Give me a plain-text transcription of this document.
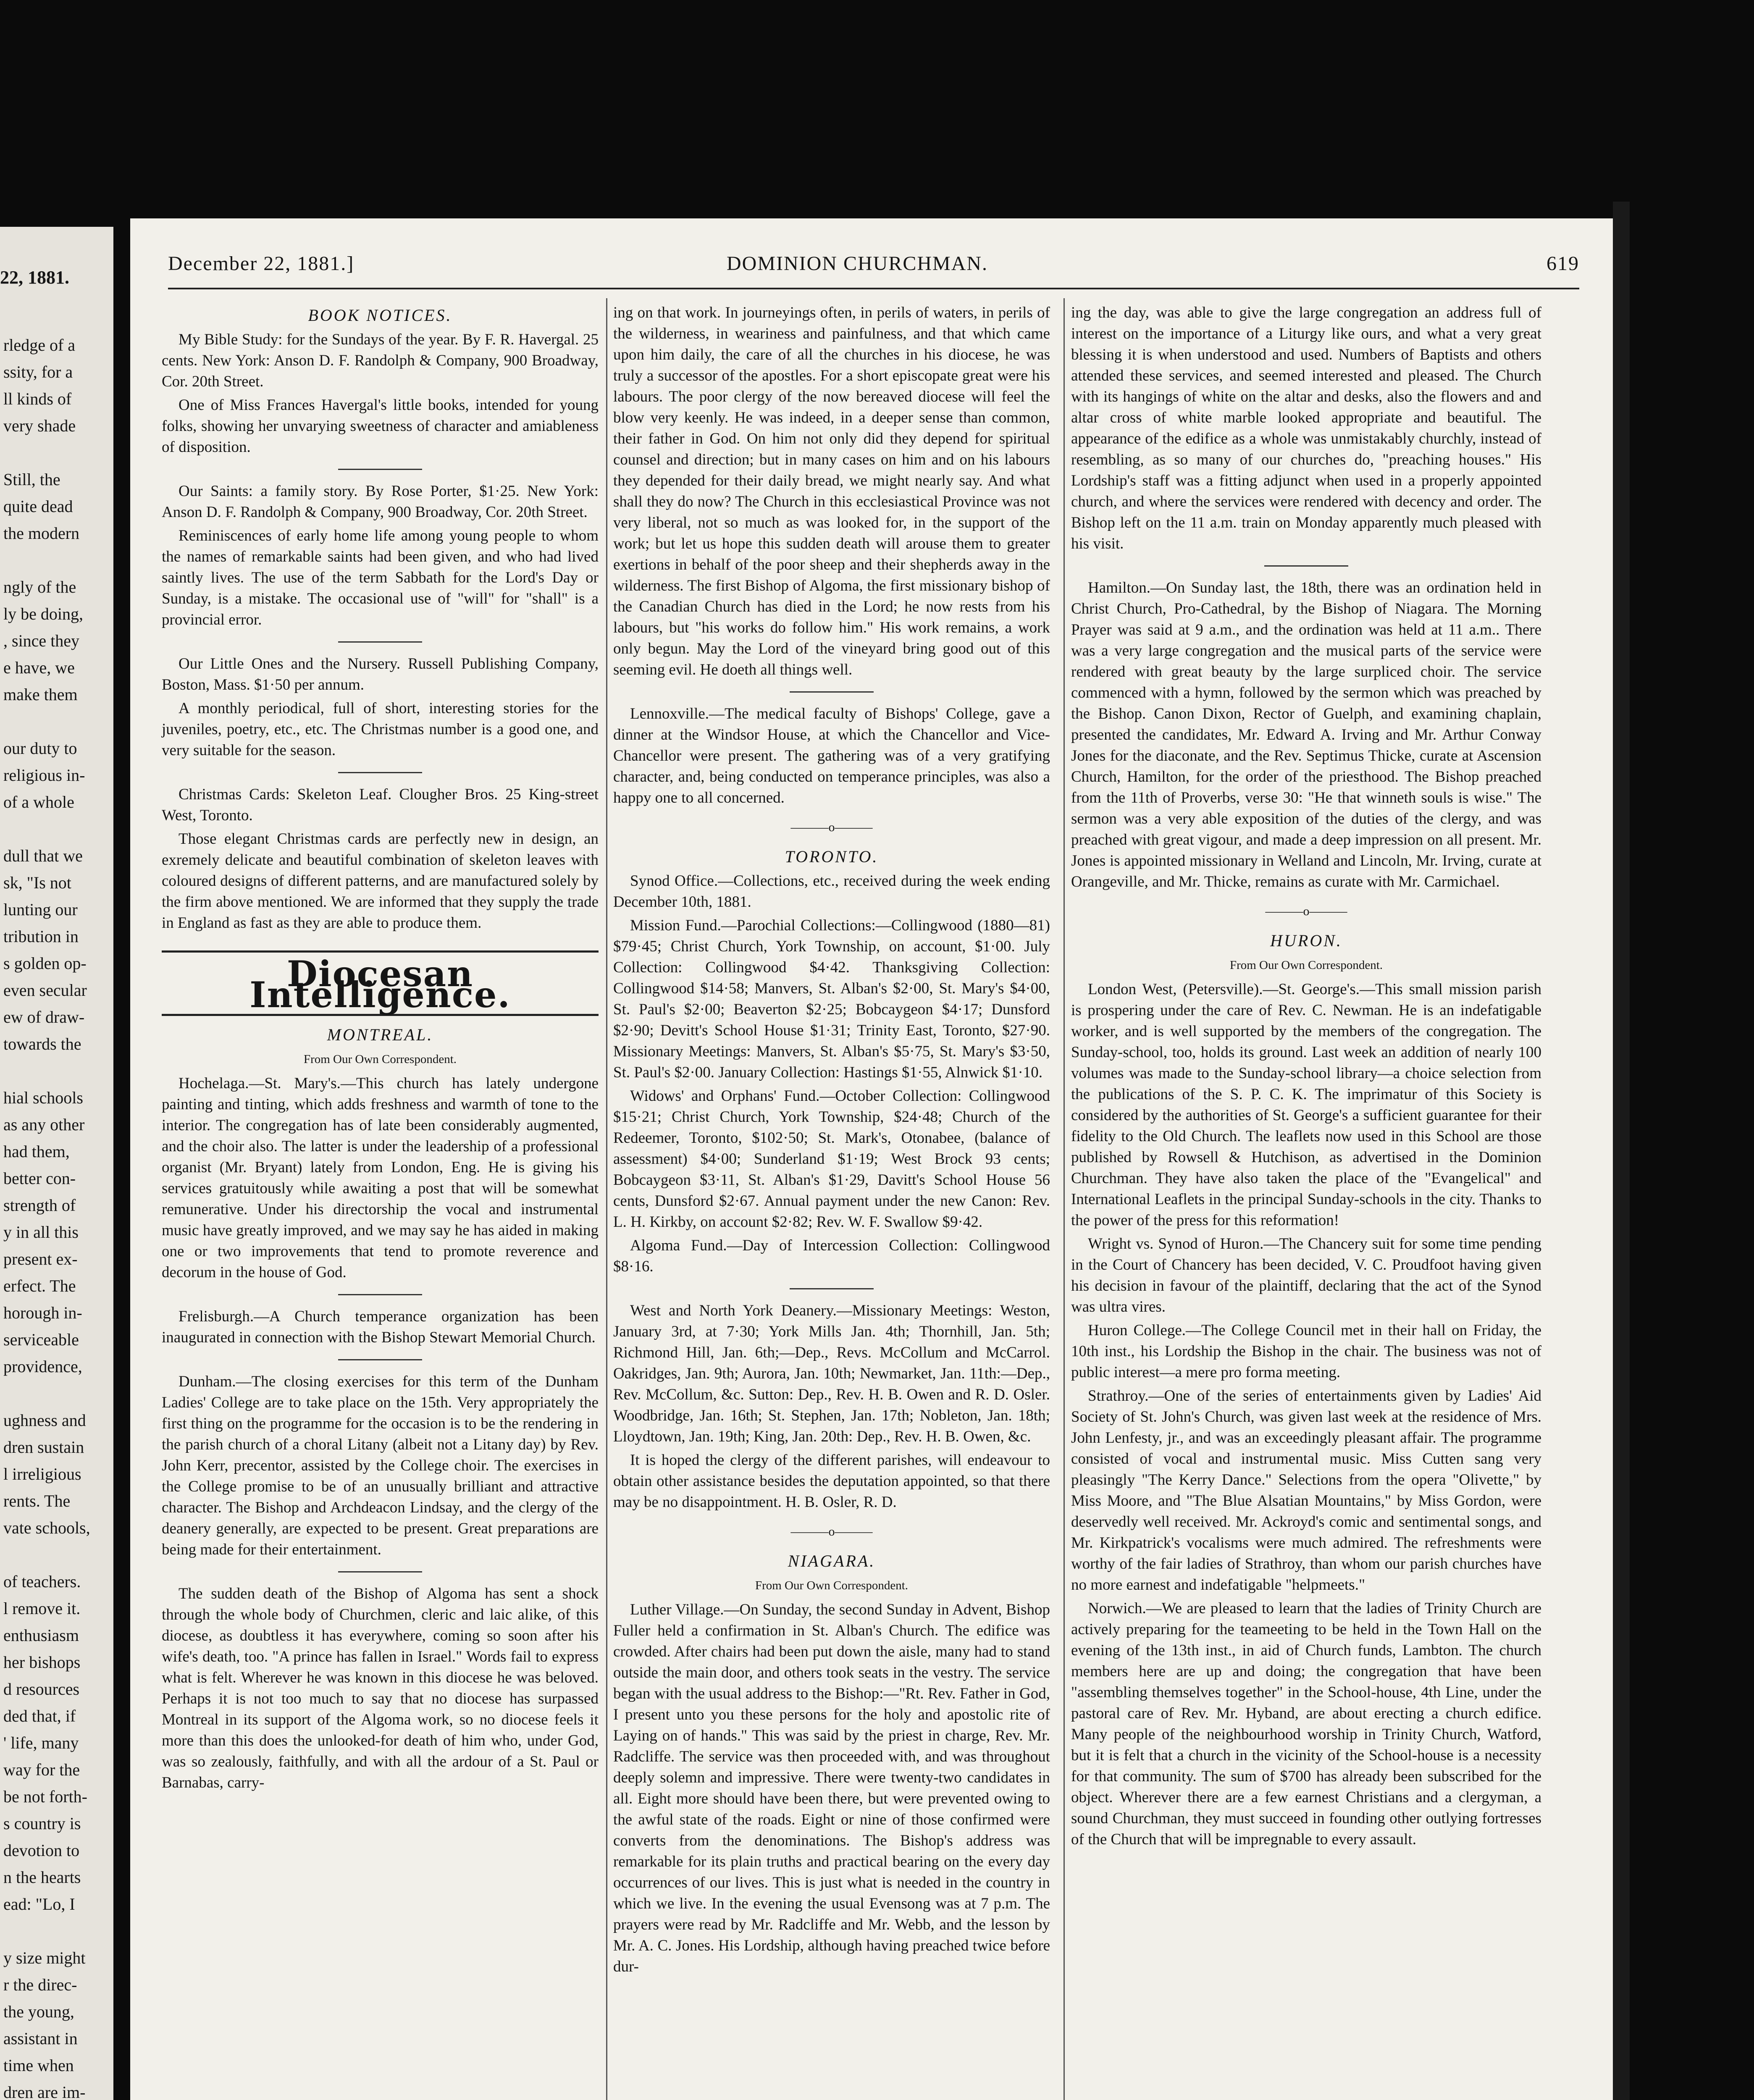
22, 1881.
rledge of a
ssity, for a
ll kinds of
very shade

Still, the
quite dead
the modern

ngly of the
ly be doing,
, since they
e have, we
make them

our duty to
religious in-
of a whole

dull that we
sk, "Is not
lunting our
tribution in
s golden op-
even secular
ew of draw-
towards the

hial schools
as any other
had them,
better con-
strength of
y in all this
present ex-
erfect. The
horough in-
serviceable
providence,

ughness and
dren sustain
l irreligious
rents. The
vate schools,

of teachers.
l remove it.
enthusiasm
her bishops
d resources
ded that, if
' life, many
way for the
be not forth-
s country is
devotion to
n the hearts
ead: "Lo, I

y size might
r the direc-
the young,
assistant in
time when
dren are im-

December 22, 1881.]	DOMINION CHURCHMAN.	619
BOOK NOTICES.

My Bible Study: for the Sundays of the year. By F. R. Havergal. 25 cents. New York: Anson D. F. Randolph & Company, 900 Broadway, Cor. 20th Street.

One of Miss Frances Havergal's little books, intended for young folks, showing her unvarying sweetness of character and amiableness of disposition.

Our Saints: a family story. By Rose Porter, $1·25. New York: Anson D. F. Randolph & Company, 900 Broadway, Cor. 20th Street.

Reminiscences of early home life among young people to whom the names of remarkable saints had been given, and who had lived saintly lives. The use of the term Sabbath for the Lord's Day or Sunday, is a mistake. The occasional use of "will" for "shall" is a provincial error.

Our Little Ones and the Nursery. Russell Publishing Company, Boston, Mass. $1·50 per annum.

A monthly periodical, full of short, interesting stories for the juveniles, poetry, etc., etc. The Christmas number is a good one, and very suitable for the season.

Christmas Cards: Skeleton Leaf. Clougher Bros. 25 King-street West, Toronto.

Those elegant Christmas cards are perfectly new in design, an exremely delicate and beautiful combination of skeleton leaves with coloured designs of different patterns, and are manufactured solely by the firm above mentioned. We are informed that they supply the trade in England as fast as they are able to produce them.

Diocesan Intelligence.
MONTREAL.
From Our Own Correspondent.

Hochelaga.—St. Mary's.—This church has lately undergone painting and tinting, which adds freshness and warmth of tone to the interior. The congregation has of late been considerably augmented, and the choir also. The latter is under the leadership of a professional organist (Mr. Bryant) lately from London, Eng. He is giving his services gratuitously while awaiting a post that will be somewhat remunerative. Under his directorship the vocal and instrumental music have greatly improved, and we may say he has aided in making one or two improvements that tend to promote reverence and decorum in the house of God.

Frelisburgh.—A Church temperance organization has been inaugurated in connection with the Bishop Stewart Memorial Church.

Dunham.—The closing exercises for this term of the Dunham Ladies' College are to take place on the 15th. Very appropriately the first thing on the programme for the occasion is to be the rendering in the parish church of a choral Litany (albeit not a Litany day) by Rev. John Kerr, precentor, assisted by the College choir. The exercises in the College promise to be of an unusually brilliant and attractive character. The Bishop and Archdeacon Lindsay, and the clergy of the deanery generally, are expected to be present. Great preparations are being made for their entertainment.

The sudden death of the Bishop of Algoma has sent a shock through the whole body of Churchmen, cleric and laic alike, of this diocese, as doubtless it has everywhere, coming so soon after his wife's death, too. "A prince has fallen in Israel." Words fail to express what is felt. Wherever he was known in this diocese he was beloved. Perhaps it is not too much to say that no diocese has surpassed Montreal in its support of the Algoma work, so no diocese feels it more than this does the unlooked-for death of him who, under God, was so zealously, faithfully, and with all the ardour of a St. Paul or Barnabas, carry-

ing on that work. In journeyings often, in perils of waters, in perils of the wilderness, in weariness and painfulness, and that which came upon him daily, the care of all the churches in his diocese, he was truly a successor of the apostles. For a short episcopate great were his labours. The poor clergy of the now bereaved diocese will feel the blow very keenly. He was indeed, in a deeper sense than common, their father in God. On him not only did they depend for spiritual counsel and direction; but in many cases on him and on his labours they depended for their daily bread, we might nearly say. And what shall they do now? The Church in this ecclesiastical Province was not very liberal, not so much as was looked for, in the support of the work; but let us hope this sudden death will arouse them to greater exertions in behalf of the poor sheep and their shepherds away in the wilderness. The first Bishop of Algoma, the first missionary bishop of the Canadian Church has died in the Lord; he now rests from his labours, but "his works do follow him." His work remains, a work only begun. May the Lord of the vineyard bring good out of this seeming evil. He doeth all things well.

Lennoxville.—The medical faculty of Bishops' College, gave a dinner at the Windsor House, at which the Chancellor and Vice-Chancellor were present. The gathering was of a very gratifying character, and, being conducted on temperance principles, was also a happy one to all concerned.

———o———
TORONTO.

Synod Office.—Collections, etc., received during the week ending December 10th, 1881.

Mission Fund.—Parochial Collections:—Collingwood (1880—81) $79·45; Christ Church, York Township, on account, $1·00. July Collection: Collingwood $4·42. Thanksgiving Collection: Collingwood $14·58; Manvers, St. Alban's $2·00, St. Mary's $4·00, St. Paul's $2·00; Beaverton $2·25; Bobcaygeon $4·17; Dunsford $2·90; Devitt's School House $1·31; Trinity East, Toronto, $27·90. Missionary Meetings: Manvers, St. Alban's $5·75, St. Mary's $3·50, St. Paul's $2·00. January Collection: Hastings $1·55, Alnwick $1·10.

Widows' and Orphans' Fund.—October Collection: Collingwood $15·21; Christ Church, York Township, $24·48; Church of the Redeemer, Toronto, $102·50; St. Mark's, Otonabee, (balance of assessment) $4·00; Sunderland $1·19; West Brock 93 cents; Bobcaygeon $3·11, St. Alban's $1·29, Davitt's School House 56 cents, Dunsford $2·67. Annual payment under the new Canon: Rev. L. H. Kirkby, on account $2·82; Rev. W. F. Swallow $9·42.

Algoma Fund.—Day of Intercession Collection: Collingwood $8·16.

West and North York Deanery.—Missionary Meetings: Weston, January 3rd, at 7·30; York Mills Jan. 4th; Thornhill, Jan. 5th; Richmond Hill, Jan. 6th;—Dep., Revs. McCollum and McCarrol. Oakridges, Jan. 9th; Aurora, Jan. 10th; Newmarket, Jan. 11th:—Dep., Rev. McCollum, &c. Sutton: Dep., Rev. H. B. Owen and R. D. Osler. Woodbridge, Jan. 16th; St. Stephen, Jan. 17th; Nobleton, Jan. 18th; Lloydtown, Jan. 19th; King, Jan. 20th: Dep., Rev. H. B. Owen, &c.

It is hoped the clergy of the different parishes, will endeavour to obtain other assistance besides the deputation appointed, so that there may be no disappointment. H. B. Osler, R. D.

———o———
NIAGARA.
From Our Own Correspondent.

Luther Village.—On Sunday, the second Sunday in Advent, Bishop Fuller held a confirmation in St. Alban's Church. The edifice was crowded. After chairs had been put down the aisle, many had to stand outside the main door, and others took seats in the vestry. The service began with the usual address to the Bishop:—"Rt. Rev. Father in God, I present unto you these persons for the holy and apostolic rite of Laying on of hands." This was said by the priest in charge, Rev. Mr. Radcliffe. The service was then proceeded with, and was throughout deeply solemn and impressive. There were twenty-two candidates in all. Eight more should have been there, but were prevented owing to the awful state of the roads. Eight or nine of those confirmed were converts from the denominations. The Bishop's address was remarkable for its plain truths and practical bearing on the every day occurrences of our lives. This is just what is needed in the country in which we live. In the evening the usual Evensong was at 7 p.m. The prayers were read by Mr. Radcliffe and Mr. Webb, and the lesson by Mr. A. C. Jones. His Lordship, although having preached twice before dur-

ing the day, was able to give the large congregation an address full of interest on the importance of a Liturgy like ours, and what a very great blessing it is when understood and used. Numbers of Baptists and others attended these services, and seemed interested and pleased. The Church with its hangings of white on the altar and desks, also the flowers and and altar cross of white marble looked appropriate and beautiful. The appearance of the edifice as a whole was unmistakably churchly, instead of resembling, as so many of our churches do, "preaching houses." His Lordship's staff was a fitting adjunct when used in a properly appointed church, and where the services were rendered with decency and order. The Bishop left on the 11 a.m. train on Monday apparently much pleased with his visit.

Hamilton.—On Sunday last, the 18th, there was an ordination held in Christ Church, Pro-Cathedral, by the Bishop of Niagara. The Morning Prayer was said at 9 a.m., and the ordination was held at 11 a.m.. There was a very large congregation and the musical parts of the service were rendered with great beauty by the large surpliced choir. The service commenced with a hymn, followed by the sermon which was preached by the Bishop. Canon Dixon, Rector of Guelph, and examining chaplain, presented the candidates, Mr. Edward A. Irving and Mr. Arthur Conway Jones for the diaconate, and the Rev. Septimus Thicke, curate at Ascension Church, Hamilton, for the order of the priesthood. The Bishop preached from the 11th of Proverbs, verse 30: "He that winneth souls is wise." The sermon was a very able exposition of the duties of the clergy, and was preached with great vigour, and made a deep impression on all present. Mr. Jones is appointed missionary in Welland and Lincoln, Mr. Irving, curate at Orangeville, and Mr. Thicke, remains as curate with Mr. Carmichael.

———o———
HURON.
From Our Own Correspondent.

London West, (Petersville).—St. George's.—This small mission parish is prospering under the care of Rev. C. Newman. He is an indefatigable worker, and is well supported by the members of the congregation. The Sunday-school, too, holds its ground. Last week an addition of nearly 100 volumes was made to the Sunday-school library—a choice selection from the publications of the S. P. C. K. The imprimatur of this Society is considered by the authorities of St. George's a sufficient guarantee for their fidelity to the Old Church. The leaflets now used in this School are those published by Rowsell & Hutchison, as advertised in the Dominion Churchman. They have also taken the place of the "Evangelical" and International Leaflets in the principal Sunday-schools in the city. Thanks to the power of the press for this reformation!

Wright vs. Synod of Huron.—The Chancery suit for some time pending in the Court of Chancery has been decided, V. C. Proudfoot having given his decision in favour of the plaintiff, declaring that the act of the Synod was ultra vires.

Huron College.—The College Council met in their hall on Friday, the 10th inst., his Lordship the Bishop in the chair. The business was not of public interest—a mere pro forma meeting.

Strathroy.—One of the series of entertainments given by Ladies' Aid Society of St. John's Church, was given last week at the residence of Mrs. John Lenfesty, jr., and was an exceedingly pleasant affair. The programme consisted of vocal and instrumental music. Miss Cutten sang very pleasingly "The Kerry Dance." Selections from the opera "Olivette," by Miss Moore, and "The Blue Alsatian Mountains," by Miss Gordon, were deservedly well received. Mr. Ackroyd's comic and sentimental songs, and Mr. Kirkpatrick's vocalisms were much admired. The refreshments were worthy of the fair ladies of Strathroy, than whom our parish churches have no more earnest and indefatigable "helpmeets."

Norwich.—We are pleased to learn that the ladies of Trinity Church are actively preparing for the teameeting to be held in the Town Hall on the evening of the 13th inst., in aid of Church funds, Lambton. The church members here are up and doing; the congregation that have been "assembling themselves together" in the School-house, 4th Line, under the pastoral care of Rev. Mr. Hyband, are about erecting a church edifice. Many people of the neighbourhood worship in Trinity Church, Watford, but it is felt that a church in the vicinity of the School-house is a necessity for that community. The sum of $700 has already been subscribed for the object. Wherever there are a few earnest Christians and a clergyman, a sound Churchman, they must succeed in founding other outlying fortresses of the Church that will be impregnable to every assault.
